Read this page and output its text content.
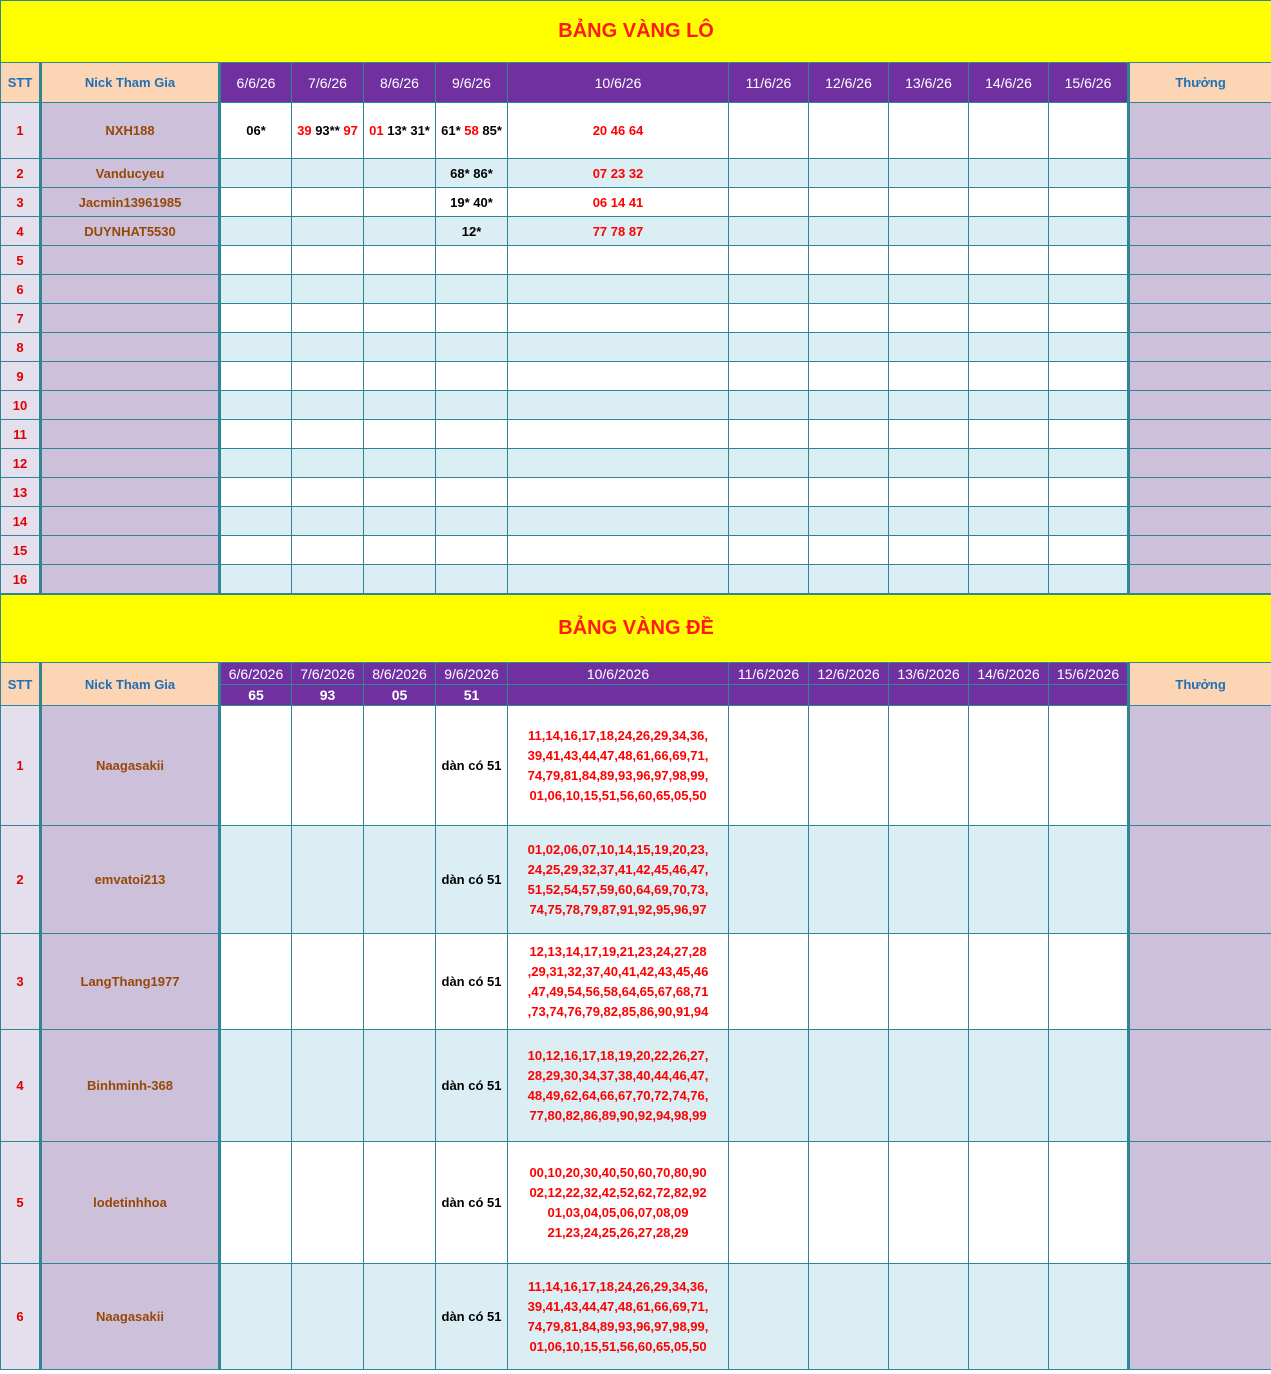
BẢNG VÀNG LÔ												
STT	Nick Tham Gia	6/6/26	7/6/26	8/6/26	9/6/26	10/6/26	11/6/26	12/6/26	13/6/26	14/6/26	15/6/26	Thưởng
1	NXH188	06*	39 93** 97	01 13* 31*	61* 58 85*	20 46 64						
2	Vanducyeu				68* 86*	07 23 32						
3	Jacmin13961985				19* 40*	06 14 41						
4	DUYNHAT5530				12*	77 78 87						
5												
6												
7												
8												
9												
10												
11												
12												
13												
14												
15												
16												
BẢNG VÀNG ĐỀ												
STT	Nick Tham Gia	6/6/2026	7/6/2026	8/6/2026	9/6/2026	10/6/2026	11/6/2026	12/6/2026	13/6/2026	14/6/2026	15/6/2026	Thưởng
		65	93	05	51							
1	Naagasakii				dàn có 51	11,14,16,17,18,24,26,29,34,36,
39,41,43,44,47,48,61,66,69,71,
74,79,81,84,89,93,96,97,98,99,
01,06,10,15,51,56,60,65,05,50						

2	emvatoi213				dàn có 51	01,02,06,07,10,14,15,19,20,23,
24,25,29,32,37,41,42,45,46,47,
51,52,54,57,59,60,64,69,70,73,
74,75,78,79,87,91,92,95,96,97						

3	LangThang1977				dàn có 51	12,13,14,17,19,21,23,24,27,28
,29,31,32,37,40,41,42,43,45,46
,47,49,54,56,58,64,65,67,68,71
,73,74,76,79,82,85,86,90,91,94						

4	Binhminh-368				dàn có 51	10,12,16,17,18,19,20,22,26,27,
28,29,30,34,37,38,40,44,46,47,
48,49,62,64,66,67,70,72,74,76,
77,80,82,86,89,90,92,94,98,99						

5	lodetinhhoa				dàn có 51	00,10,20,30,40,50,60,70,80,90
02,12,22,32,42,52,62,72,82,92
01,03,04,05,06,07,08,09
21,23,24,25,26,27,28,29						

6	Naagasakii				dàn có 51	11,14,16,17,18,24,26,29,34,36,
39,41,43,44,47,48,61,66,69,71,
74,79,81,84,89,93,96,97,98,99,
01,06,10,15,51,56,60,65,05,50						
